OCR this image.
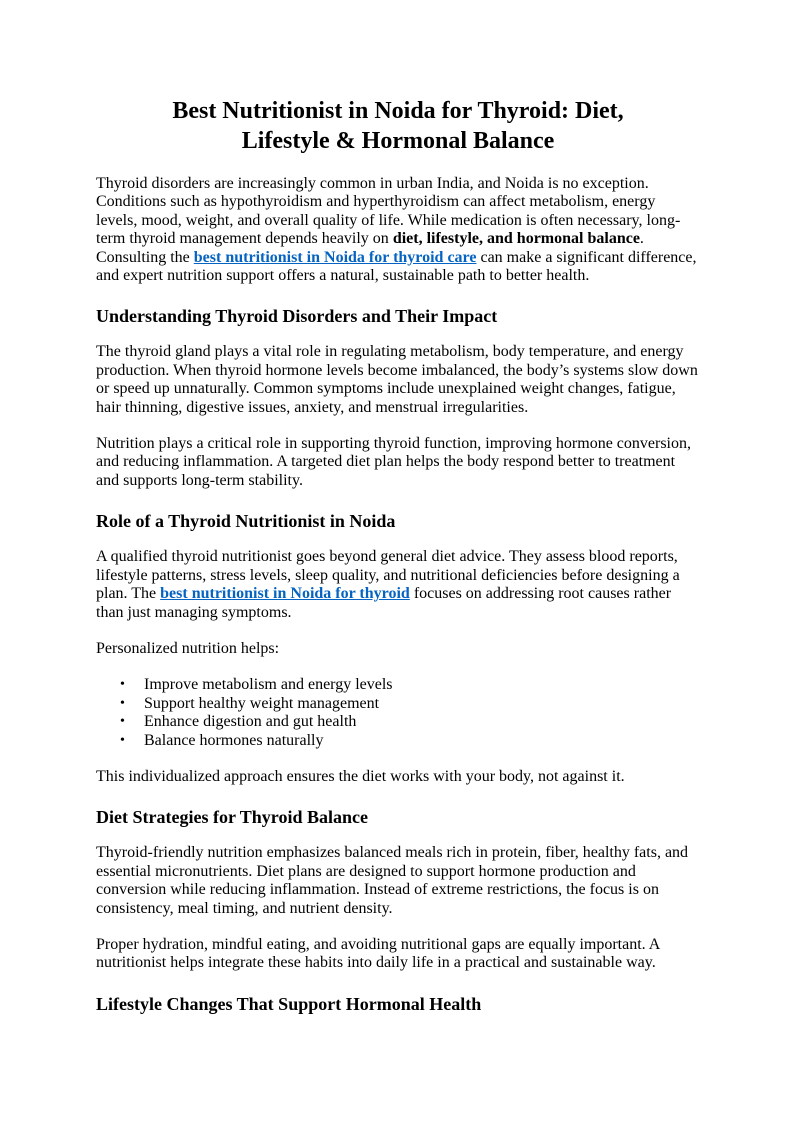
Best Nutritionist in Noida for Thyroid: Diet,
Lifestyle & Hormonal Balance

Thyroid disorders are increasingly common in urban India, and Noida is no exception. Conditions such as hypothyroidism and hyperthyroidism can affect metabolism, energy levels, mood, weight, and overall quality of life. While medication is often necessary, long-term thyroid management depends heavily on diet, lifestyle, and hormonal balance. Consulting the best nutritionist in Noida for thyroid care can make a significant difference, and expert nutrition support offers a natural, sustainable path to better health.

Understanding Thyroid Disorders and Their Impact

The thyroid gland plays a vital role in regulating metabolism, body temperature, and energy production. When thyroid hormone levels become imbalanced, the body’s systems slow down or speed up unnaturally. Common symptoms include unexplained weight changes, fatigue, hair thinning, digestive issues, anxiety, and menstrual irregularities.

Nutrition plays a critical role in supporting thyroid function, improving hormone conversion, and reducing inflammation. A targeted diet plan helps the body respond better to treatment and supports long-term stability.

Role of a Thyroid Nutritionist in Noida

A qualified thyroid nutritionist goes beyond general diet advice. They assess blood reports, lifestyle patterns, stress levels, sleep quality, and nutritional deficiencies before designing a plan. The best nutritionist in Noida for thyroid focuses on addressing root causes rather than just managing symptoms.

Personalized nutrition helps:

• Improve metabolism and energy levels
• Support healthy weight management
• Enhance digestion and gut health
• Balance hormones naturally

This individualized approach ensures the diet works with your body, not against it.

Diet Strategies for Thyroid Balance

Thyroid-friendly nutrition emphasizes balanced meals rich in protein, fiber, healthy fats, and essential micronutrients. Diet plans are designed to support hormone production and conversion while reducing inflammation. Instead of extreme restrictions, the focus is on consistency, meal timing, and nutrient density.

Proper hydration, mindful eating, and avoiding nutritional gaps are equally important. A nutritionist helps integrate these habits into daily life in a practical and sustainable way.

Lifestyle Changes That Support Hormonal Health
